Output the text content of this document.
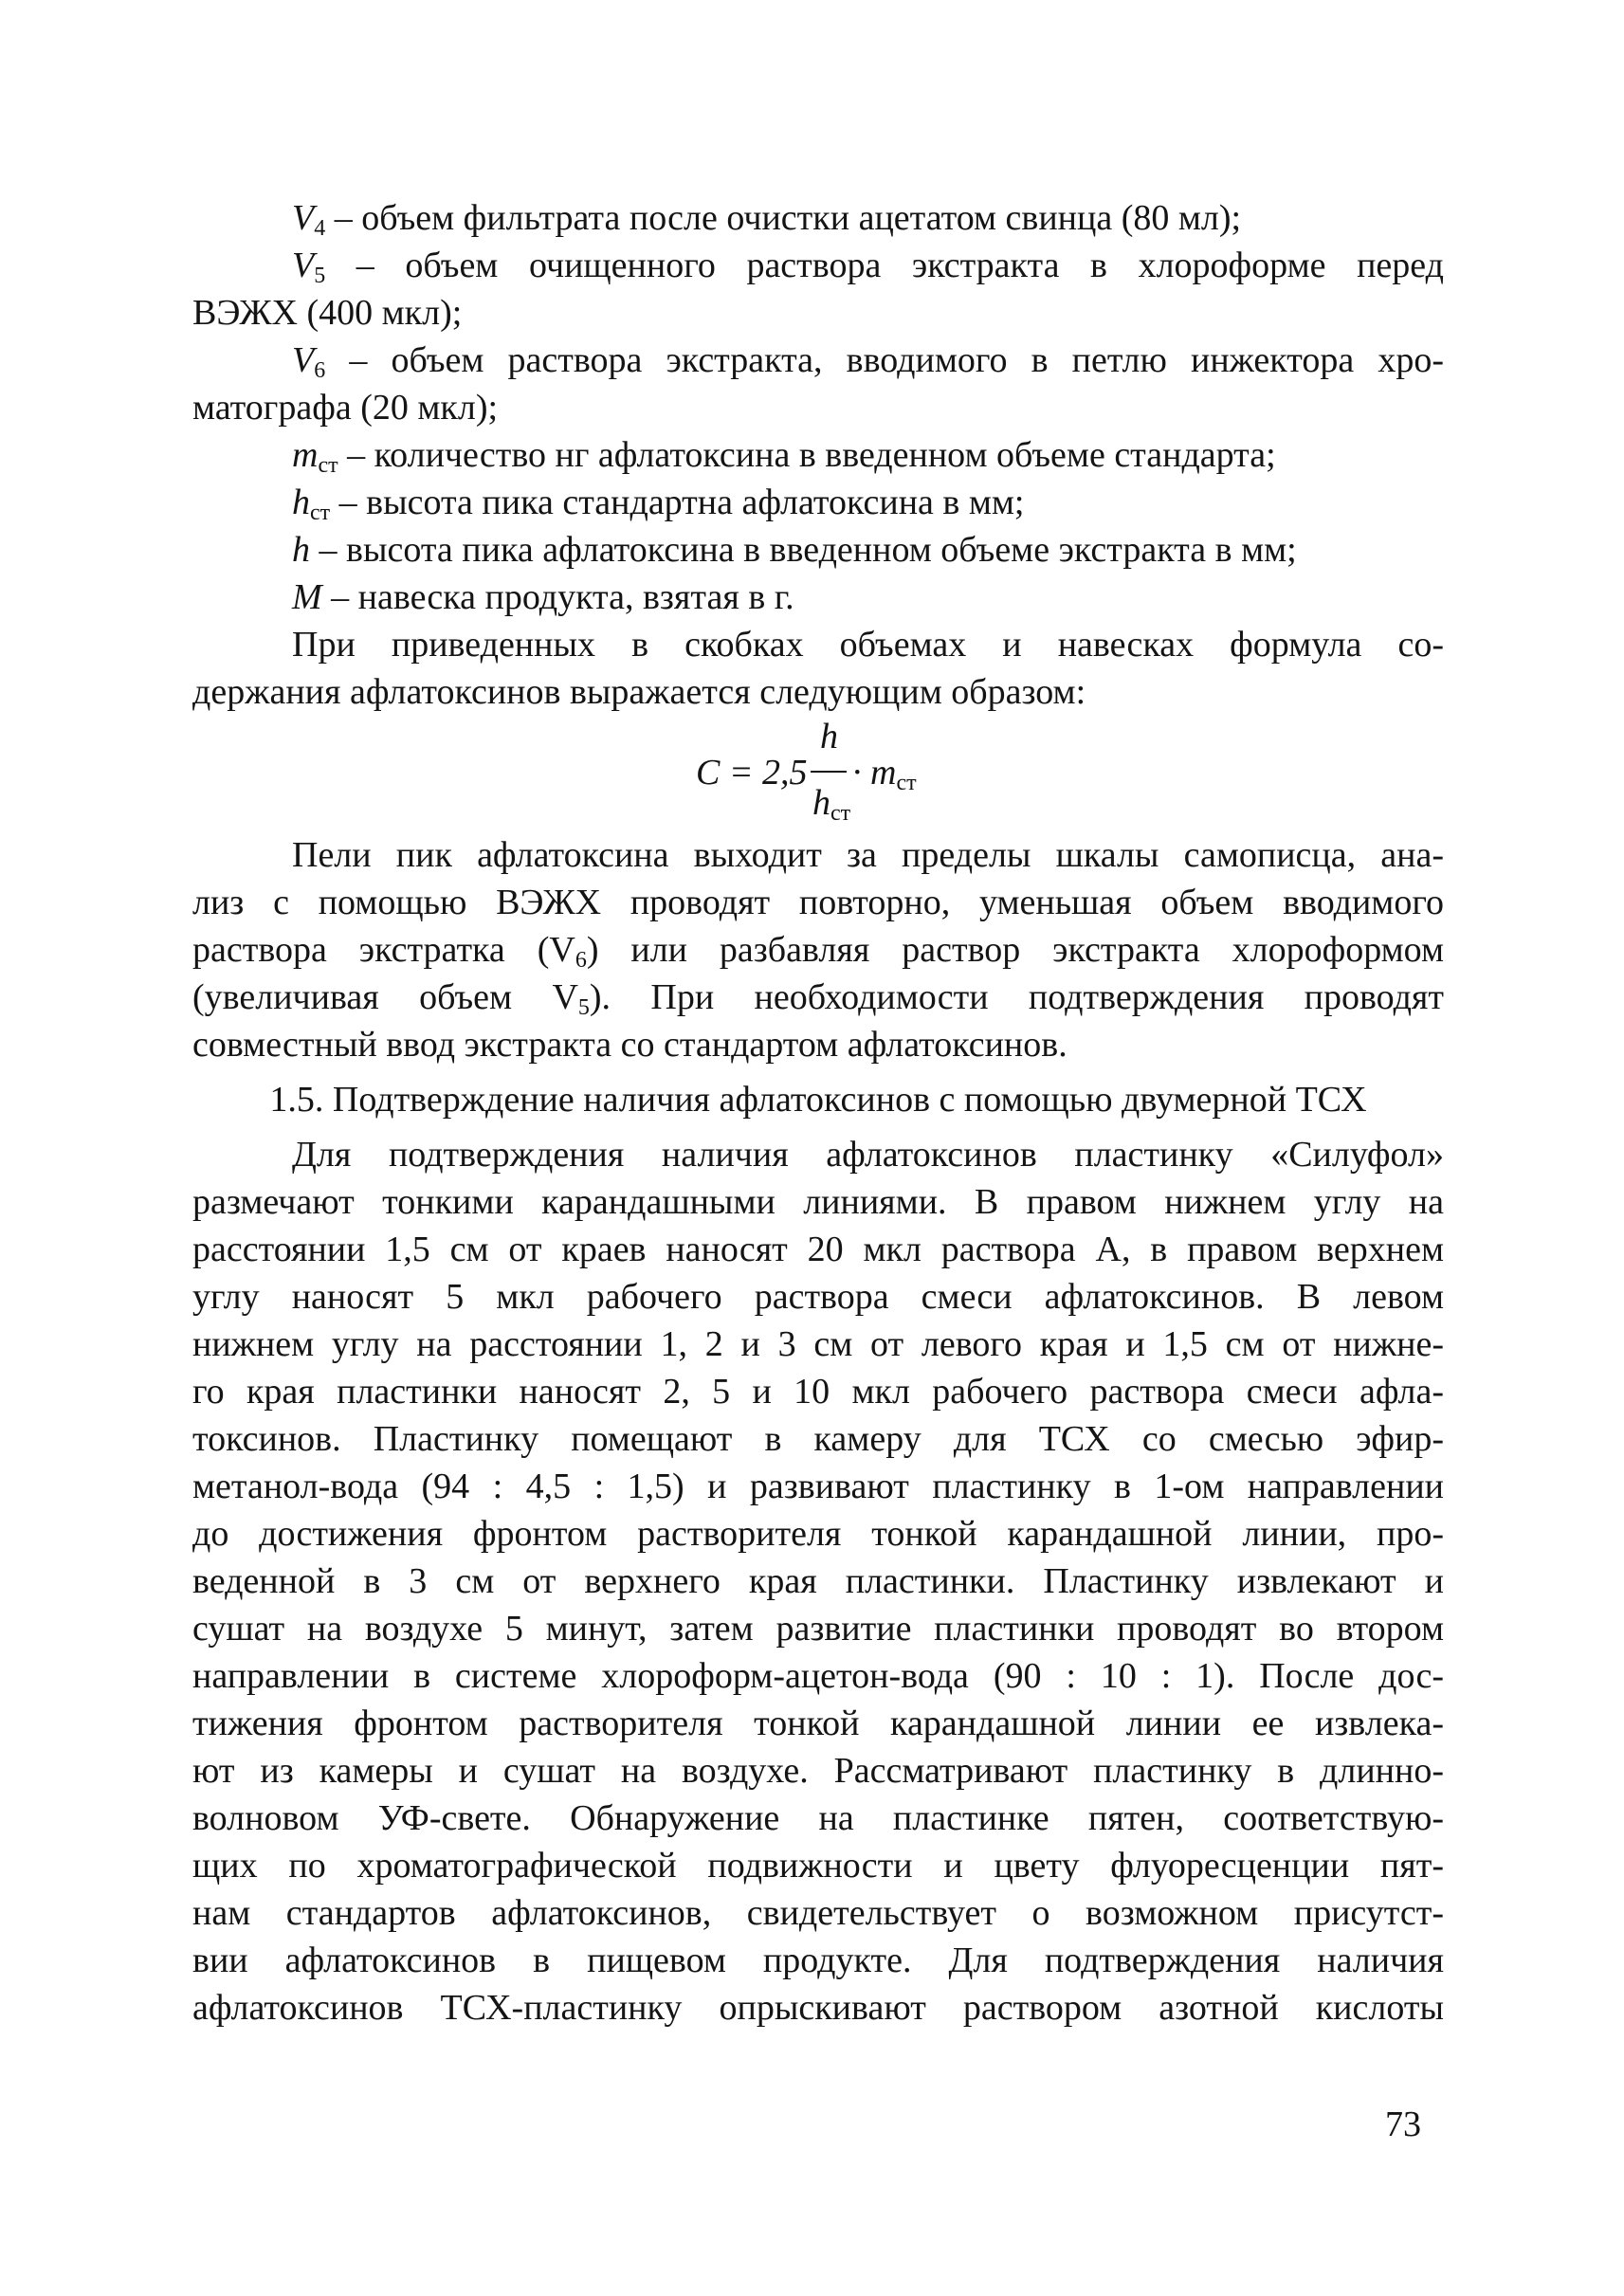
$V_4$ – объем фильтрата после очистки ацетатом свинца (80 мл);
$V_5$ – объем очищенного раствора экстракта в хлороформе перед
ВЭЖХ (400 мкл);
$V_6$ – объем раствора экстракта, вводимого в петлю инжектора хро-
матографа (20 мкл);
$m_{ст}$ – количество нг афлатоксина в введенном объеме стандарта;
$h_{ст}$ – высота пика стандартна афлатоксина в мм;
h – высота пика афлатоксина в введенном объеме экстракта в мм;
M – навеска продукта, взятая в г.
При приведенных в скобках объемах и навесках формула со-
держания афлатоксинов выражается следующим образом:
C = 2,5
h
$h_{ст}$
· $m_{ст}$
Пели пик афлатоксина выходит за пределы шкалы самописца, ана-
лиз с помощью ВЭЖХ проводят повторно, уменьшая объем вводимого
раствора экстратка $(V_6)$ или разбавляя раствор экстракта хлороформом
(увеличивая объем $V_5$). При необходимости подтверждения проводят
совместный ввод экстракта со стандартом афлатоксинов.
1.5. Подтверждение наличия афлатоксинов с помощью двумерной ТСХ
Для подтверждения наличия афлатоксинов пластинку «Силуфол»
размечают тонкими карандашными линиями. В правом нижнем углу на
расстоянии 1,5 см от краев наносят 20 мкл раствора А, в правом верхнем
углу наносят 5 мкл рабочего раствора смеси афлатоксинов. В левом
нижнем углу на расстоянии 1, 2 и 3 см от левого края и 1,5 см от нижне-
го края пластинки наносят 2, 5 и 10 мкл рабочего раствора смеси афла-
токсинов. Пластинку помещают в камеру для ТСХ со смесью эфир-
метанол-вода (94 : 4,5 : 1,5) и развивают пластинку в 1-ом направлении
до достижения фронтом растворителя тонкой карандашной линии, про-
веденной в 3 см от верхнего края пластинки. Пластинку извлекают и
сушат на воздухе 5 минут, затем развитие пластинки проводят во втором
направлении в системе хлороформ-ацетон-вода (90 : 10 : 1). После дос-
тижения фронтом растворителя тонкой карандашной линии ее извлека-
ют из камеры и сушат на воздухе. Рассматривают пластинку в длинно-
волновом УФ-свете. Обнаружение на пластинке пятен, соответствую-
щих по хроматографической подвижности и цвету флуоресценции пят-
нам стандартов афлатоксинов, свидетельствует о возможном присутст-
вии афлатоксинов в пищевом продукте. Для подтверждения наличия
афлатоксинов ТСХ-пластинку опрыскивают раствором азотной кислоты
73
